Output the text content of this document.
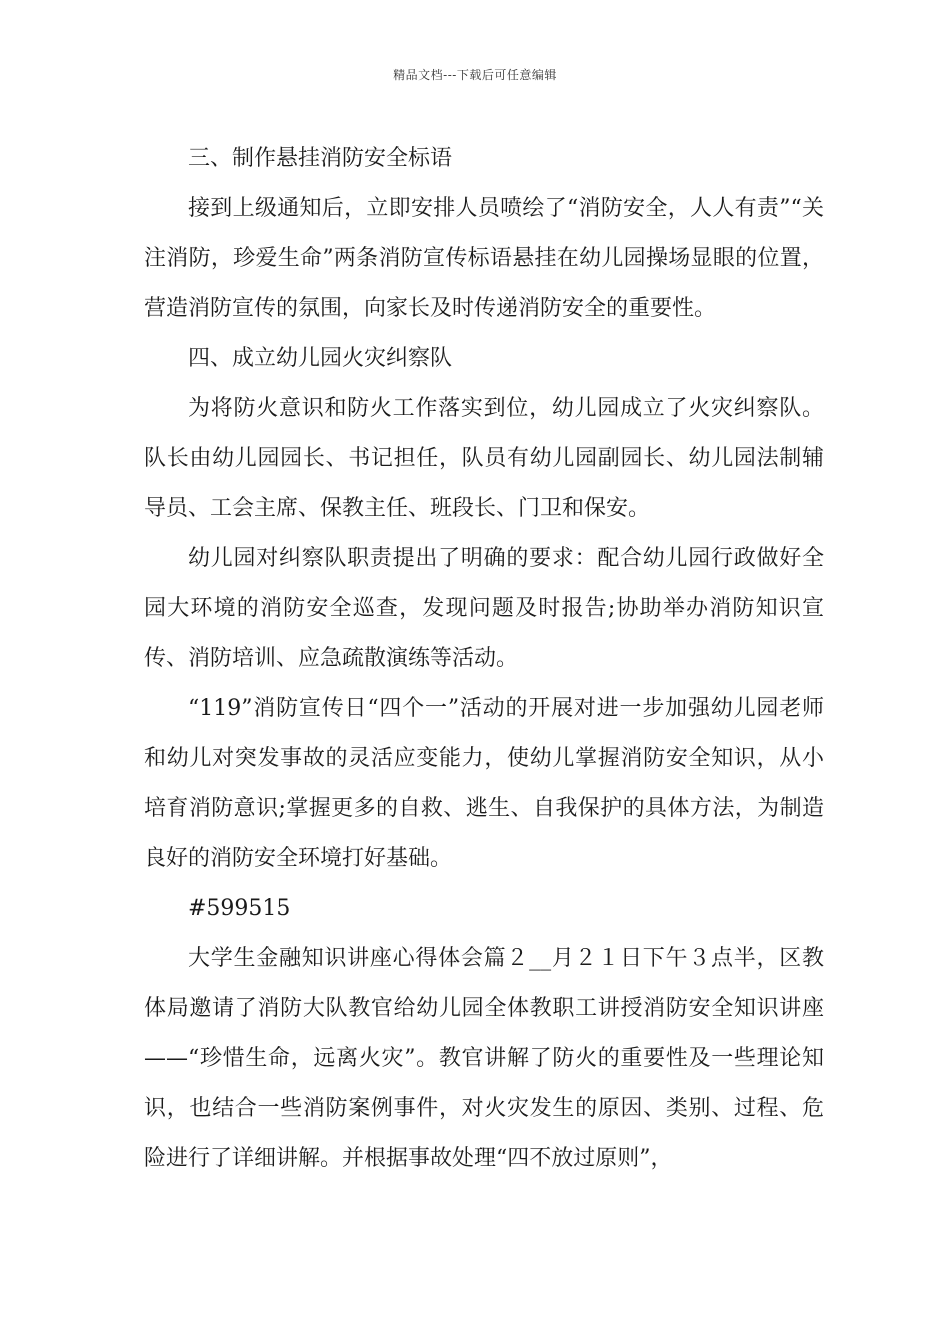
精品文档---下载后可任意编辑

三、制作悬挂消防安全标语

接到上级通知后，立即安排人员喷绘了“消防安全，人人有责”“关注消防，珍爱生命”两条消防宣传标语悬挂在幼儿园操场显眼的位置，营造消防宣传的氛围，向家长及时传递消防安全的重要性。

四、成立幼儿园火灾纠察队

为将防火意识和防火工作落实到位，幼儿园成立了火灾纠察队。队长由幼儿园园长、书记担任，队员有幼儿园副园长、幼儿园法制辅导员、工会主席、保教主任、班段长、门卫和保安。

幼儿园对纠察队职责提出了明确的要求：配合幼儿园行政做好全园大环境的消防安全巡查，发现问题及时报告;协助举办消防知识宣传、消防培训、应急疏散演练等活动。

“119”消防宣传日“四个一”活动的开展对进一步加强幼儿园老师和幼儿对突发事故的灵活应变能力，使幼儿掌握消防安全知识，从小培育消防意识;掌握更多的自救、逃生、自我保护的具体方法，为制造良好的消防安全环境打好基础。

#599515

大学生金融知识讲座心得体会篇２__月２１日下午３点半，区教体局邀请了消防大队教官给幼儿园全体教职工讲授消防安全知识讲座——“珍惜生命，远离火灾”。教官讲解了防火的重要性及一些理论知识，也结合一些消防案例事件，对火灾发生的原因、类别、过程、危险进行了详细讲解。并根据事故处理“四不放过原则”，
